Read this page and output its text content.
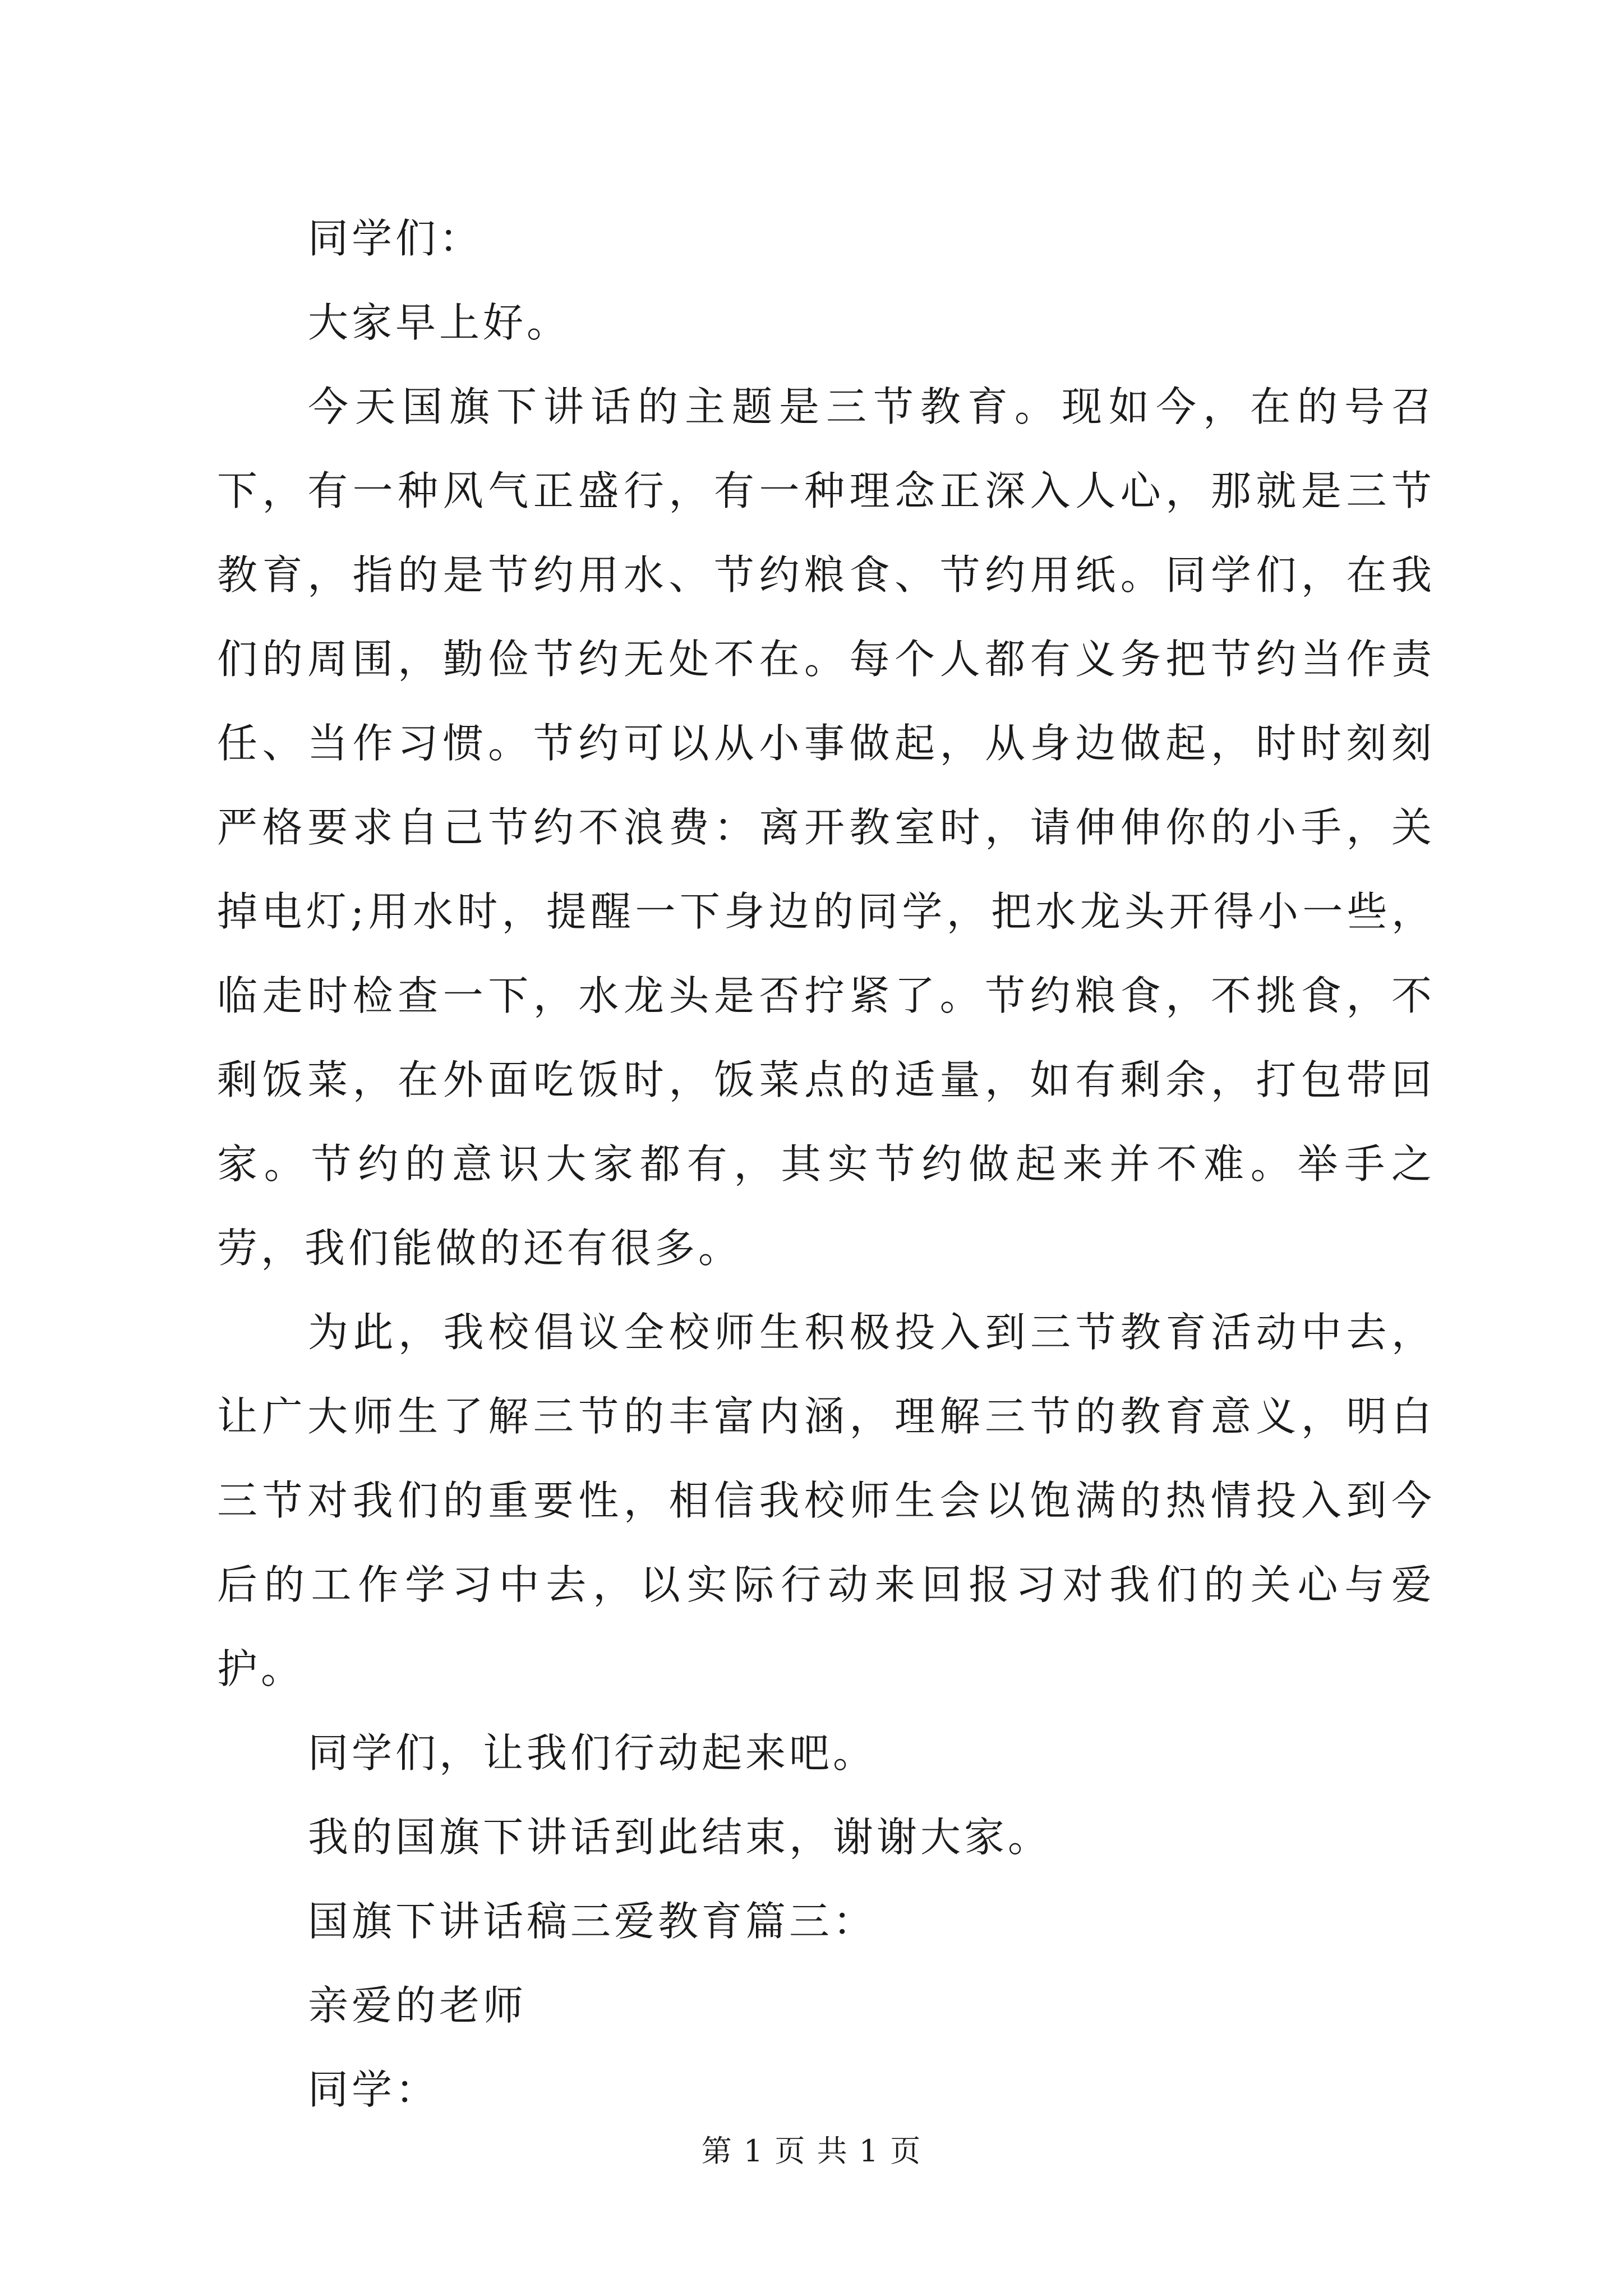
同学们：

大家早上好。

今天国旗下讲话的主题是三节教育。现如今，在的号召下，有一种风气正盛行，有一种理念正深入人心，那就是三节教育，指的是节约用水、节约粮食、节约用纸。同学们，在我们的周围，勤俭节约无处不在。每个人都有义务把节约当作责任、当作习惯。节约可以从小事做起，从身边做起，时时刻刻严格要求自己节约不浪费：离开教室时，请伸伸你的小手，关掉电灯;用水时，提醒一下身边的同学，把水龙头开得小一些，临走时检查一下，水龙头是否拧紧了。节约粮食，不挑食，不剩饭菜，在外面吃饭时，饭菜点的适量，如有剩余，打包带回家。节约的意识大家都有，其实节约做起来并不难。举手之劳，我们能做的还有很多。

为此，我校倡议全校师生积极投入到三节教育活动中去，让广大师生了解三节的丰富内涵，理解三节的教育意义，明白三节对我们的重要性，相信我校师生会以饱满的热情投入到今后的工作学习中去，以实际行动来回报习对我们的关心与爱护。

同学们，让我们行动起来吧。

我的国旗下讲话到此结束，谢谢大家。

国旗下讲话稿三爱教育篇三：

亲爱的老师

同学：

第 1 页 共 1 页
